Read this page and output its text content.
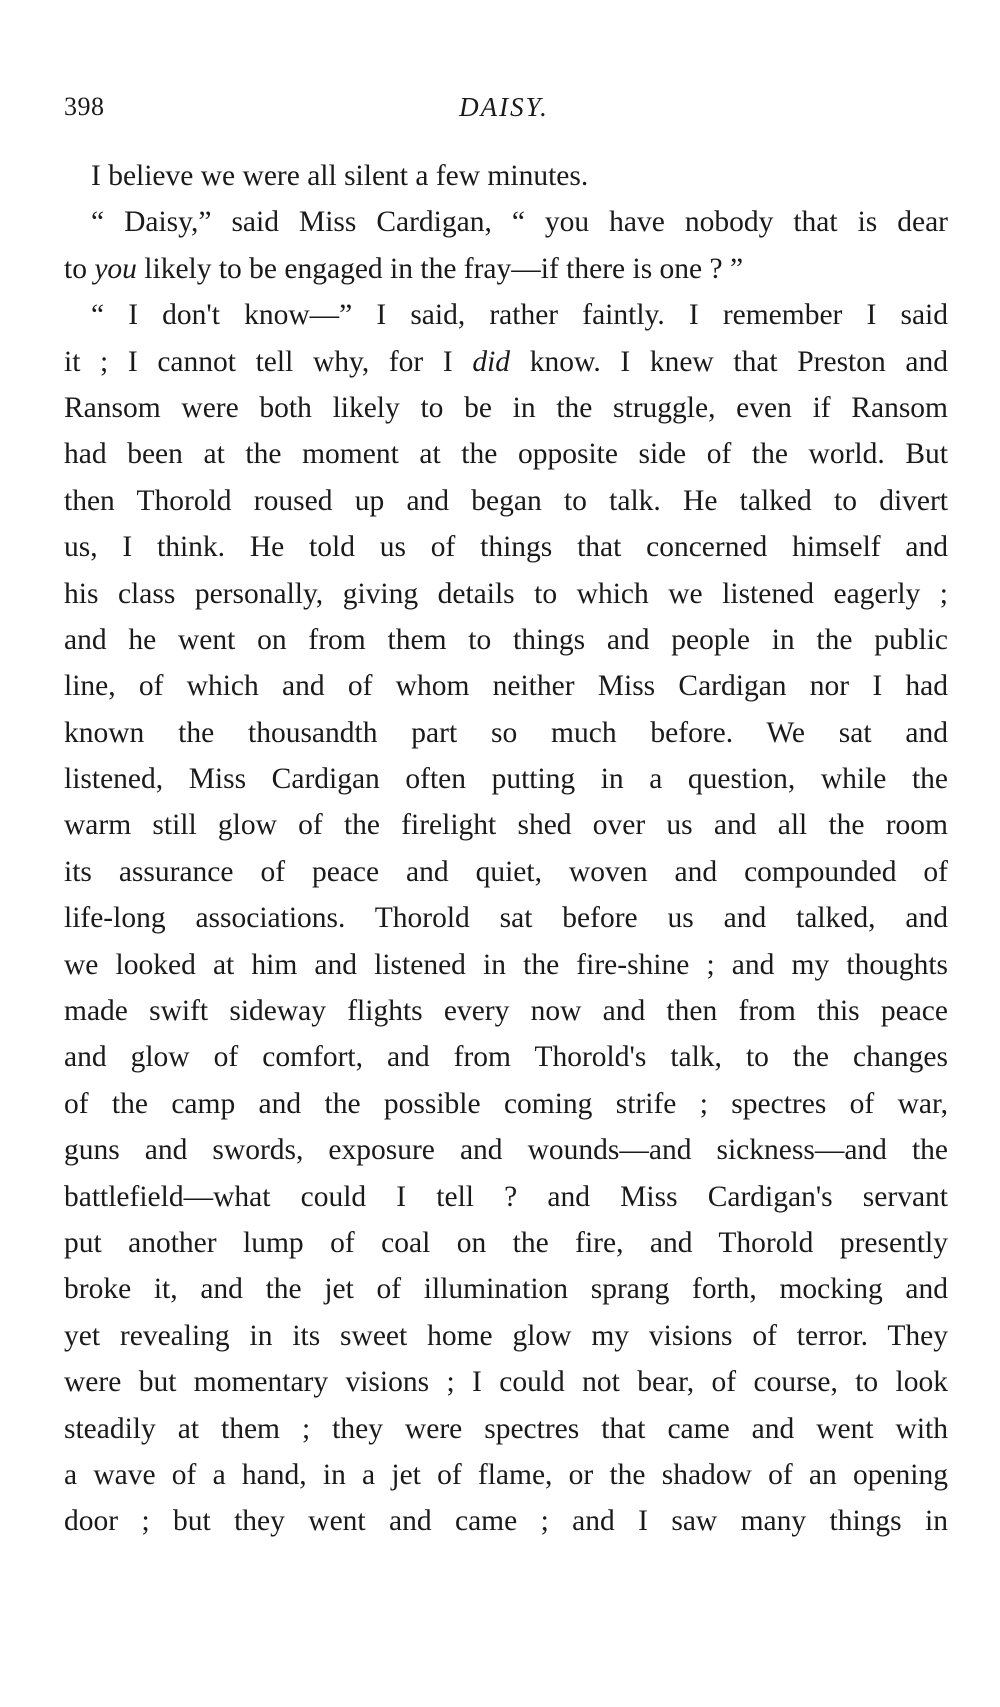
398	DAISY.
I believe we were all silent a few minutes.
“ Daisy,” said Miss Cardigan, “ you have nobody that is dear
to you likely to be engaged in the fray—if there is one ? ”
“ I don't know—” I said, rather faintly. I remember I said
it ; I cannot tell why, for I did know. I knew that Preston and
Ransom were both likely to be in the struggle, even if Ransom
had been at the moment at the opposite side of the world. But
then Thorold roused up and began to talk. He talked to divert
us, I think. He told us of things that concerned himself and
his class personally, giving details to which we listened eagerly ;
and he went on from them to things and people in the public
line, of which and of whom neither Miss Cardigan nor I had
known the thousandth part so much before. We sat and
listened, Miss Cardigan often putting in a question, while the
warm still glow of the firelight shed over us and all the room
its assurance of peace and quiet, woven and compounded of
life-long associations. Thorold sat before us and talked, and
we looked at him and listened in the fire-shine ; and my thoughts
made swift sideway flights every now and then from this peace
and glow of comfort, and from Thorold's talk, to the changes
of the camp and the possible coming strife ; spectres of war,
guns and swords, exposure and wounds—and sickness—and the
battlefield—what could I tell ? and Miss Cardigan's servant
put another lump of coal on the fire, and Thorold presently
broke it, and the jet of illumination sprang forth, mocking and
yet revealing in its sweet home glow my visions of terror. They
were but momentary visions ; I could not bear, of course, to look
steadily at them ; they were spectres that came and went with
a wave of a hand, in a jet of flame, or the shadow of an opening
door ; but they went and came ; and I saw many things in
